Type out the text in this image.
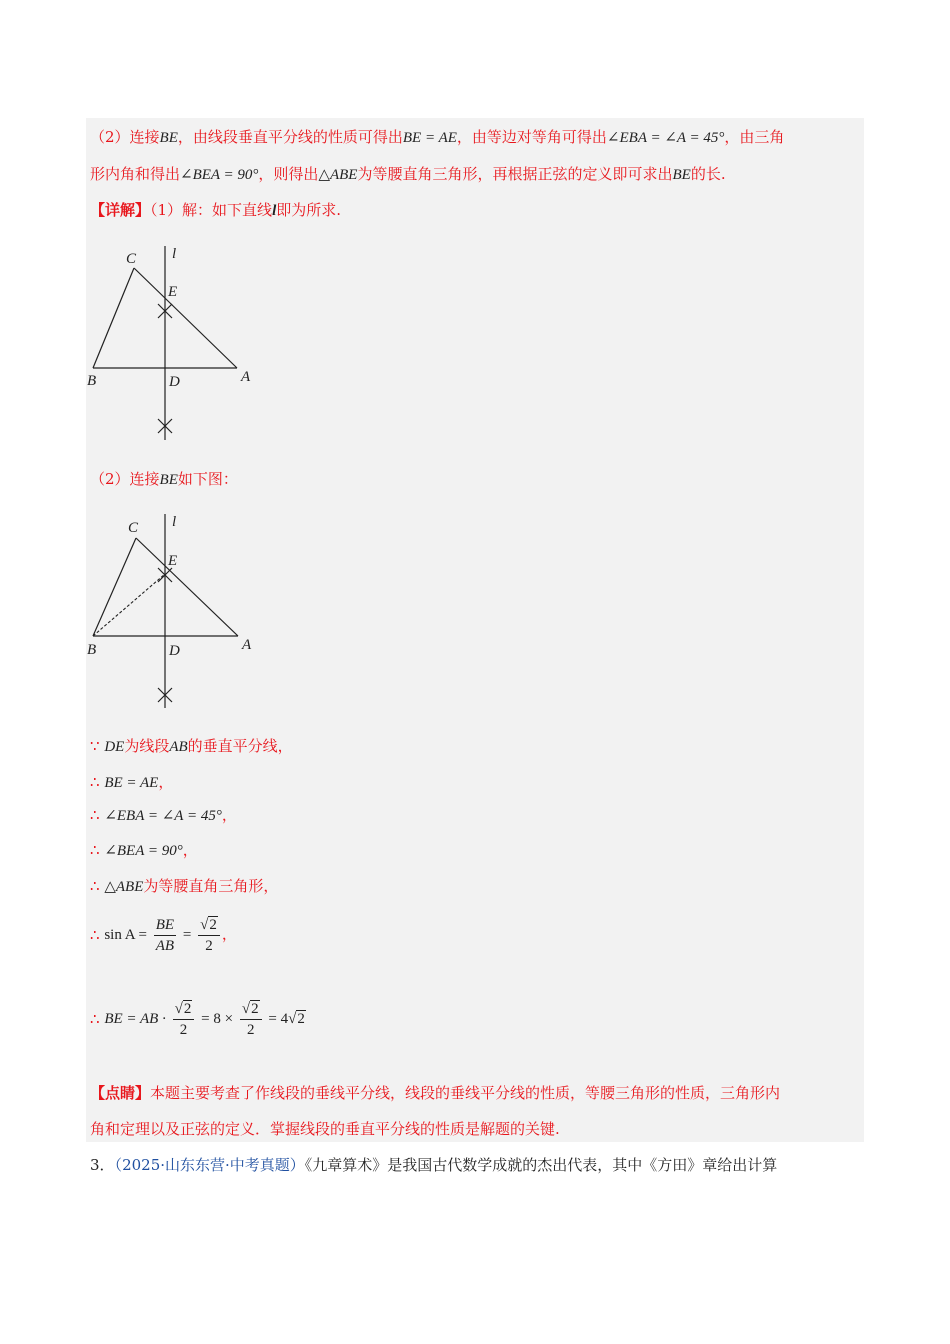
（2）连接BE，由线段垂直平分线的性质可得出BE = AE，由等边对等角可得出∠EBA = ∠A = 45°，由三角
形内角和得出∠BEA = 90°，则得出△ABE为等腰直角三角形，再根据正弦的定义即可求出BE的长.
【详解】（1）解：如下直线l即为所求.
C l
E
B	D	A
（2）连接BE如下图：
C l
E
B	D	A
∵ DE为线段AB的垂直平分线，
∴ BE = AE，
∴ ∠EBA = ∠A = 45°，
∴ ∠BEA = 90°，
∴ △ABE为等腰直角三角形，
∴ $\sin A = \frac{BE}{AB} = \frac{√2}{2}$ ，
∴ BE = AB · $\frac{√2}{2} = 8 \times \frac{√2}{2} = 4√2$
【点睛】本题主要考查了作线段的垂线平分线，线段的垂线平分线的性质，等腰三角形的性质，三角形内
角和定理以及正弦的定义．掌握线段的垂直平分线的性质是解题的关键.
3．（2025·山东东营·中考真题）《九章算术》是我国古代数学成就的杰出代表，其中《方田》章给出计算
